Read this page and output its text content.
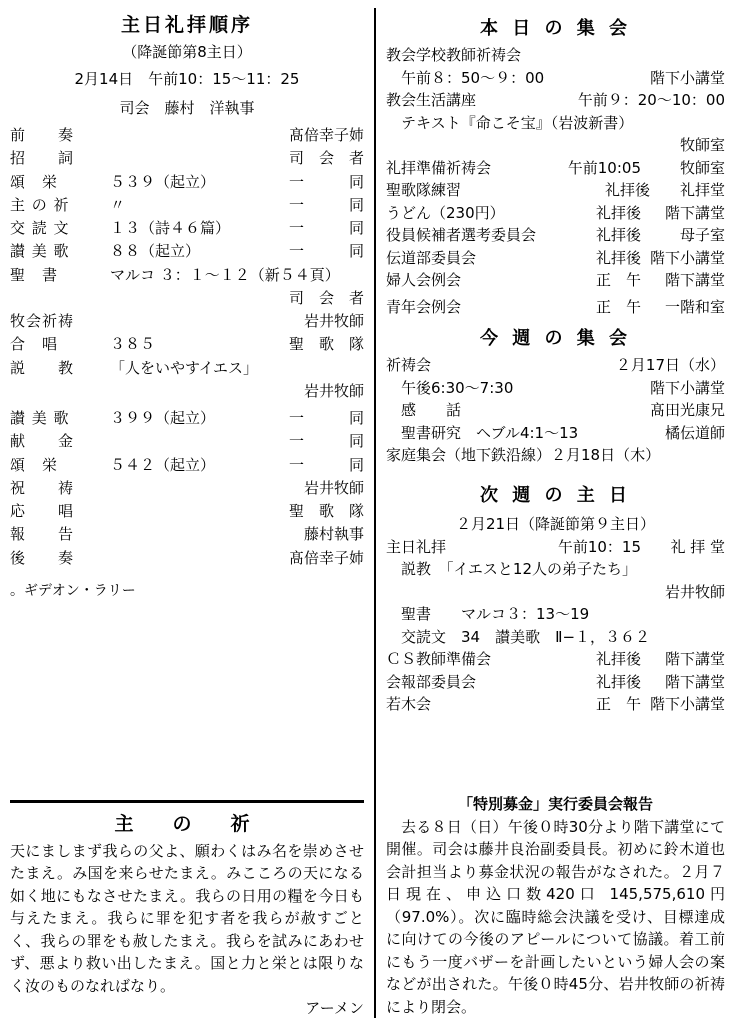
主日礼拝順序
（降誕節第8主日）
2月14日　午前10：15〜11：25
司会　藤村　洋執事
前　　奏	髙倍幸子姉
招　　詞	司　会　者
頌　栄	５３９（起立）	一　　　同
主 の 祈	〃	一　　　同
交 読 文	１３（詩４６篇）	一　　　同
讃 美 歌	８８（起立）	一　　　同
聖　書	マルコ ３：１〜１２（新５４頁）
司　会　者
牧会祈祷	岩井牧師
合　唱	３８５	聖　歌　隊
説　　教	「人をいやすイエス」
岩井牧師
讃 美 歌	３９９（起立）	一　　　同
献　　金	一　　　同
頌　栄	５４２（起立）	一　　　同
祝　　祷	岩井牧師
応　　唱	聖　歌　隊
報　　告	藤村執事
後　　奏	髙倍幸子姉
。ギデオン・ラリー
主　の　祈

天にましまず我らの父よ、願わくはみ名を崇めさせたまえ。み国を来らせたまえ。みこころの天になる如く地にもなさせたまえ。我らの日用の糧を今日も与えたまえ。我らに罪を犯す者を我らが赦すごとく、我らの罪をも赦したまえ。我らを試みにあわせず、悪より救い出したまえ。国と力と栄とは限りなく汝のものなればなり。

アーメン
本 日 の 集 会
教会学校教師祈祷会
　午前８：50〜９：00	階下小講堂
教会生活講座	午前９：20〜10：00
　テキスト『命こそ宝』（岩波新書）
牧師室
礼拝準備祈祷会	午前10:05	牧師室
聖歌隊練習	礼拝後　　礼拝堂
うどん（230円）	礼拝後	階下講堂
役員候補者選考委員会	礼拝後	母子室
伝道部委員会	礼拝後 階下小講堂
婦人会例会	正　午	階下講堂
青年会例会	正　午	一階和室
今 週 の 集 会
祈祷会	２月17日（水）
　午後6:30〜7:30	階下小講堂
　感　　話	髙田光康兄
　聖書研究　ヘブル4:1〜13	橘伝道師
家庭集会（地下鉄沿線）２月18日（木）
次 週 の 主 日
２月21日（降誕節第９主日）
主日礼拝	午前10：15	礼 拝 堂
　説教　「イエスと12人の弟子たち」
岩井牧師
　聖書　　マルコ３：13〜19
　交読文　34　讃美歌　Ⅱ−１，３６２
ＣＳ教師準備会	礼拝後	階下講堂
会報部委員会	礼拝後	階下講堂
若木会	正　午 階下小講堂
「特別募金」実行委員会報告

去る８日（日）午後０時30分より階下講堂にて開催。司会は藤井良治副委員長。初めに鈴木道也会計担当より募金状況の報告がなされた。２月７日現在、申込口数420口 145,575,610円（97.0%）。次に臨時総会決議を受け、目標達成に向けての今後のアピールについて協議。着工前にもう一度バザーを計画したいという婦人会の案などが出された。午後０時45分、岩井牧師の祈祷により閉会。
